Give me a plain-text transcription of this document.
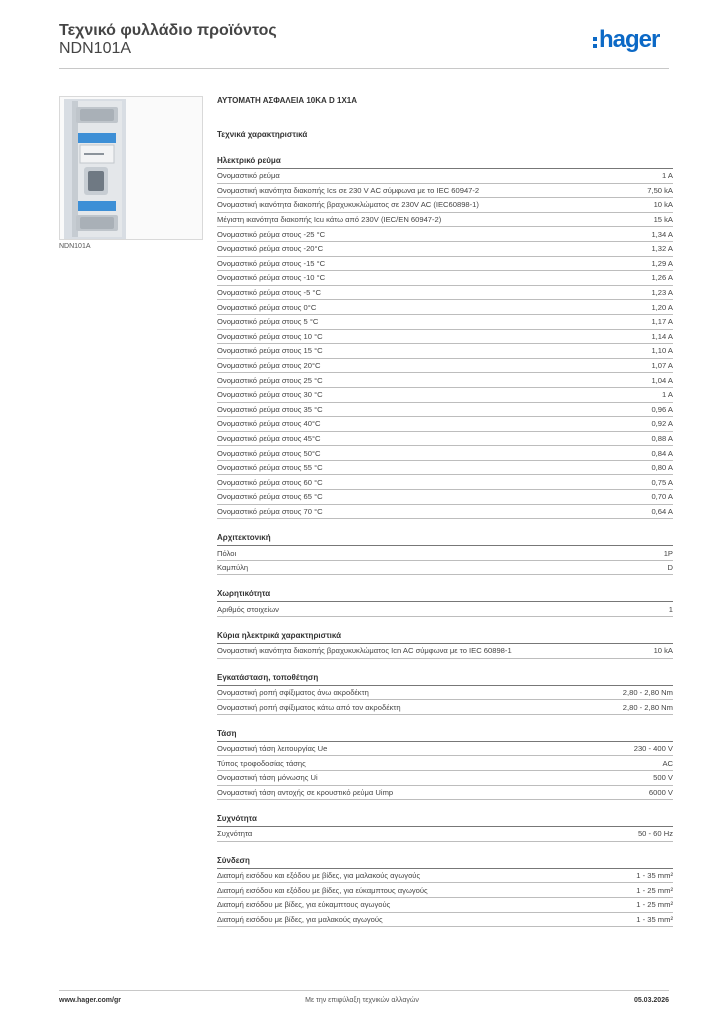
Τεχνικό φυλλάδιο προϊόντος
NDN101A	hager
NDN101A
ΑΥΤΟΜΑΤΗ ΑΣΦΑΛΕΙΑ 10ΚΑ D 1Χ1Α
Τεχνικά χαρακτηριστικά
Ηλεκτρικό ρεύμα
Ονομαστικό ρεύμα	1 A
Ονομαστική ικανότητα διακοπής Ics σε 230 V AC σύμφωνα με το IEC 60947-2	7,50 kA
Ονομαστική ικανότητα διακοπής βραχυκυκλώματος σε 230V AC (IEC60898-1)	10 kA
Μέγιστη ικανότητα διακοπής Icu κάτω από 230V (IEC/EN 60947-2)	15 kA
Ονομαστικό ρεύμα στους -25 °C	1,34 A
Ονομαστικό ρεύμα στους -20°C	1,32 A
Ονομαστικό ρεύμα στους -15 °C	1,29 A
Ονομαστικό ρεύμα στους -10 °C	1,26 A
Ονομαστικό ρεύμα στους -5 °C	1,23 A
Ονομαστικό ρεύμα στους 0°C	1,20 A
Ονομαστικό ρεύμα στους 5 °C	1,17 A
Ονομαστικό ρεύμα στους 10 °C	1,14 A
Ονομαστικό ρεύμα στους 15 °C	1,10 A
Ονομαστικό ρεύμα στους 20°C	1,07 A
Ονομαστικό ρεύμα στους 25 °C	1,04 A
Ονομαστικό ρεύμα στους 30 °C	1 A
Ονομαστικό ρεύμα στους 35 °C	0,96 A
Ονομαστικό ρεύμα στους 40°C	0,92 A
Ονομαστικό ρεύμα στους 45°C	0,88 A
Ονομαστικό ρεύμα στους 50°C	0,84 A
Ονομαστικό ρεύμα στους 55 °C	0,80 A
Ονομαστικό ρεύμα στους 60 °C	0,75 A
Ονομαστικό ρεύμα στους 65 °C	0,70 A
Ονομαστικό ρεύμα στους 70 °C	0,64 A
Αρχιτεκτονική
Πόλοι	1P
Καμπύλη	D
Χωρητικότητα
Αριθμός στοιχείων	1
Κύρια ηλεκτρικά χαρακτηριστικά
Ονομαστική ικανότητα διακοπής βραχυκυκλώματος Icn AC σύμφωνα με το IEC 60898-1	10 kA
Εγκατάσταση, τοποθέτηση
Ονομαστική ροπή σφίξιματος άνω ακροδέκτη	2,80 - 2,80 Nm
Ονομαστική ροπή σφίξιματος κάτω από τον ακροδέκτη	2,80 - 2,80 Nm
Τάση
Ονομαστική τάση λειτουργίας Ue	230 - 400 V
Τύπος τροφοδοσίας τάσης	AC
Ονομαστική τάση μόνωσης Ui	500 V
Ονομαστική τάση αντοχής σε κρουστικό ρεύμα Uimp	6000 V
Συχνότητα
Συχνότητα	50 - 60 Hz
Σύνδεση
Διατομή εισόδου και εξόδου με βίδες, για μαλακούς αγωγούς	1 - 35 mm²
Διατομή εισόδου και εξόδου με βίδες, για εύκαμπτους αγωγούς	1 - 25 mm²
Διατομή εισόδου με βίδες, για εύκαμπτους αγωγούς	1 - 25 mm²
Διατομή εισόδου με βίδες, για μαλακούς αγωγούς	1 - 35 mm²
www.hager.com/gr	Με την επιφύλαξη τεχνικών αλλαγών	05.03.2026
